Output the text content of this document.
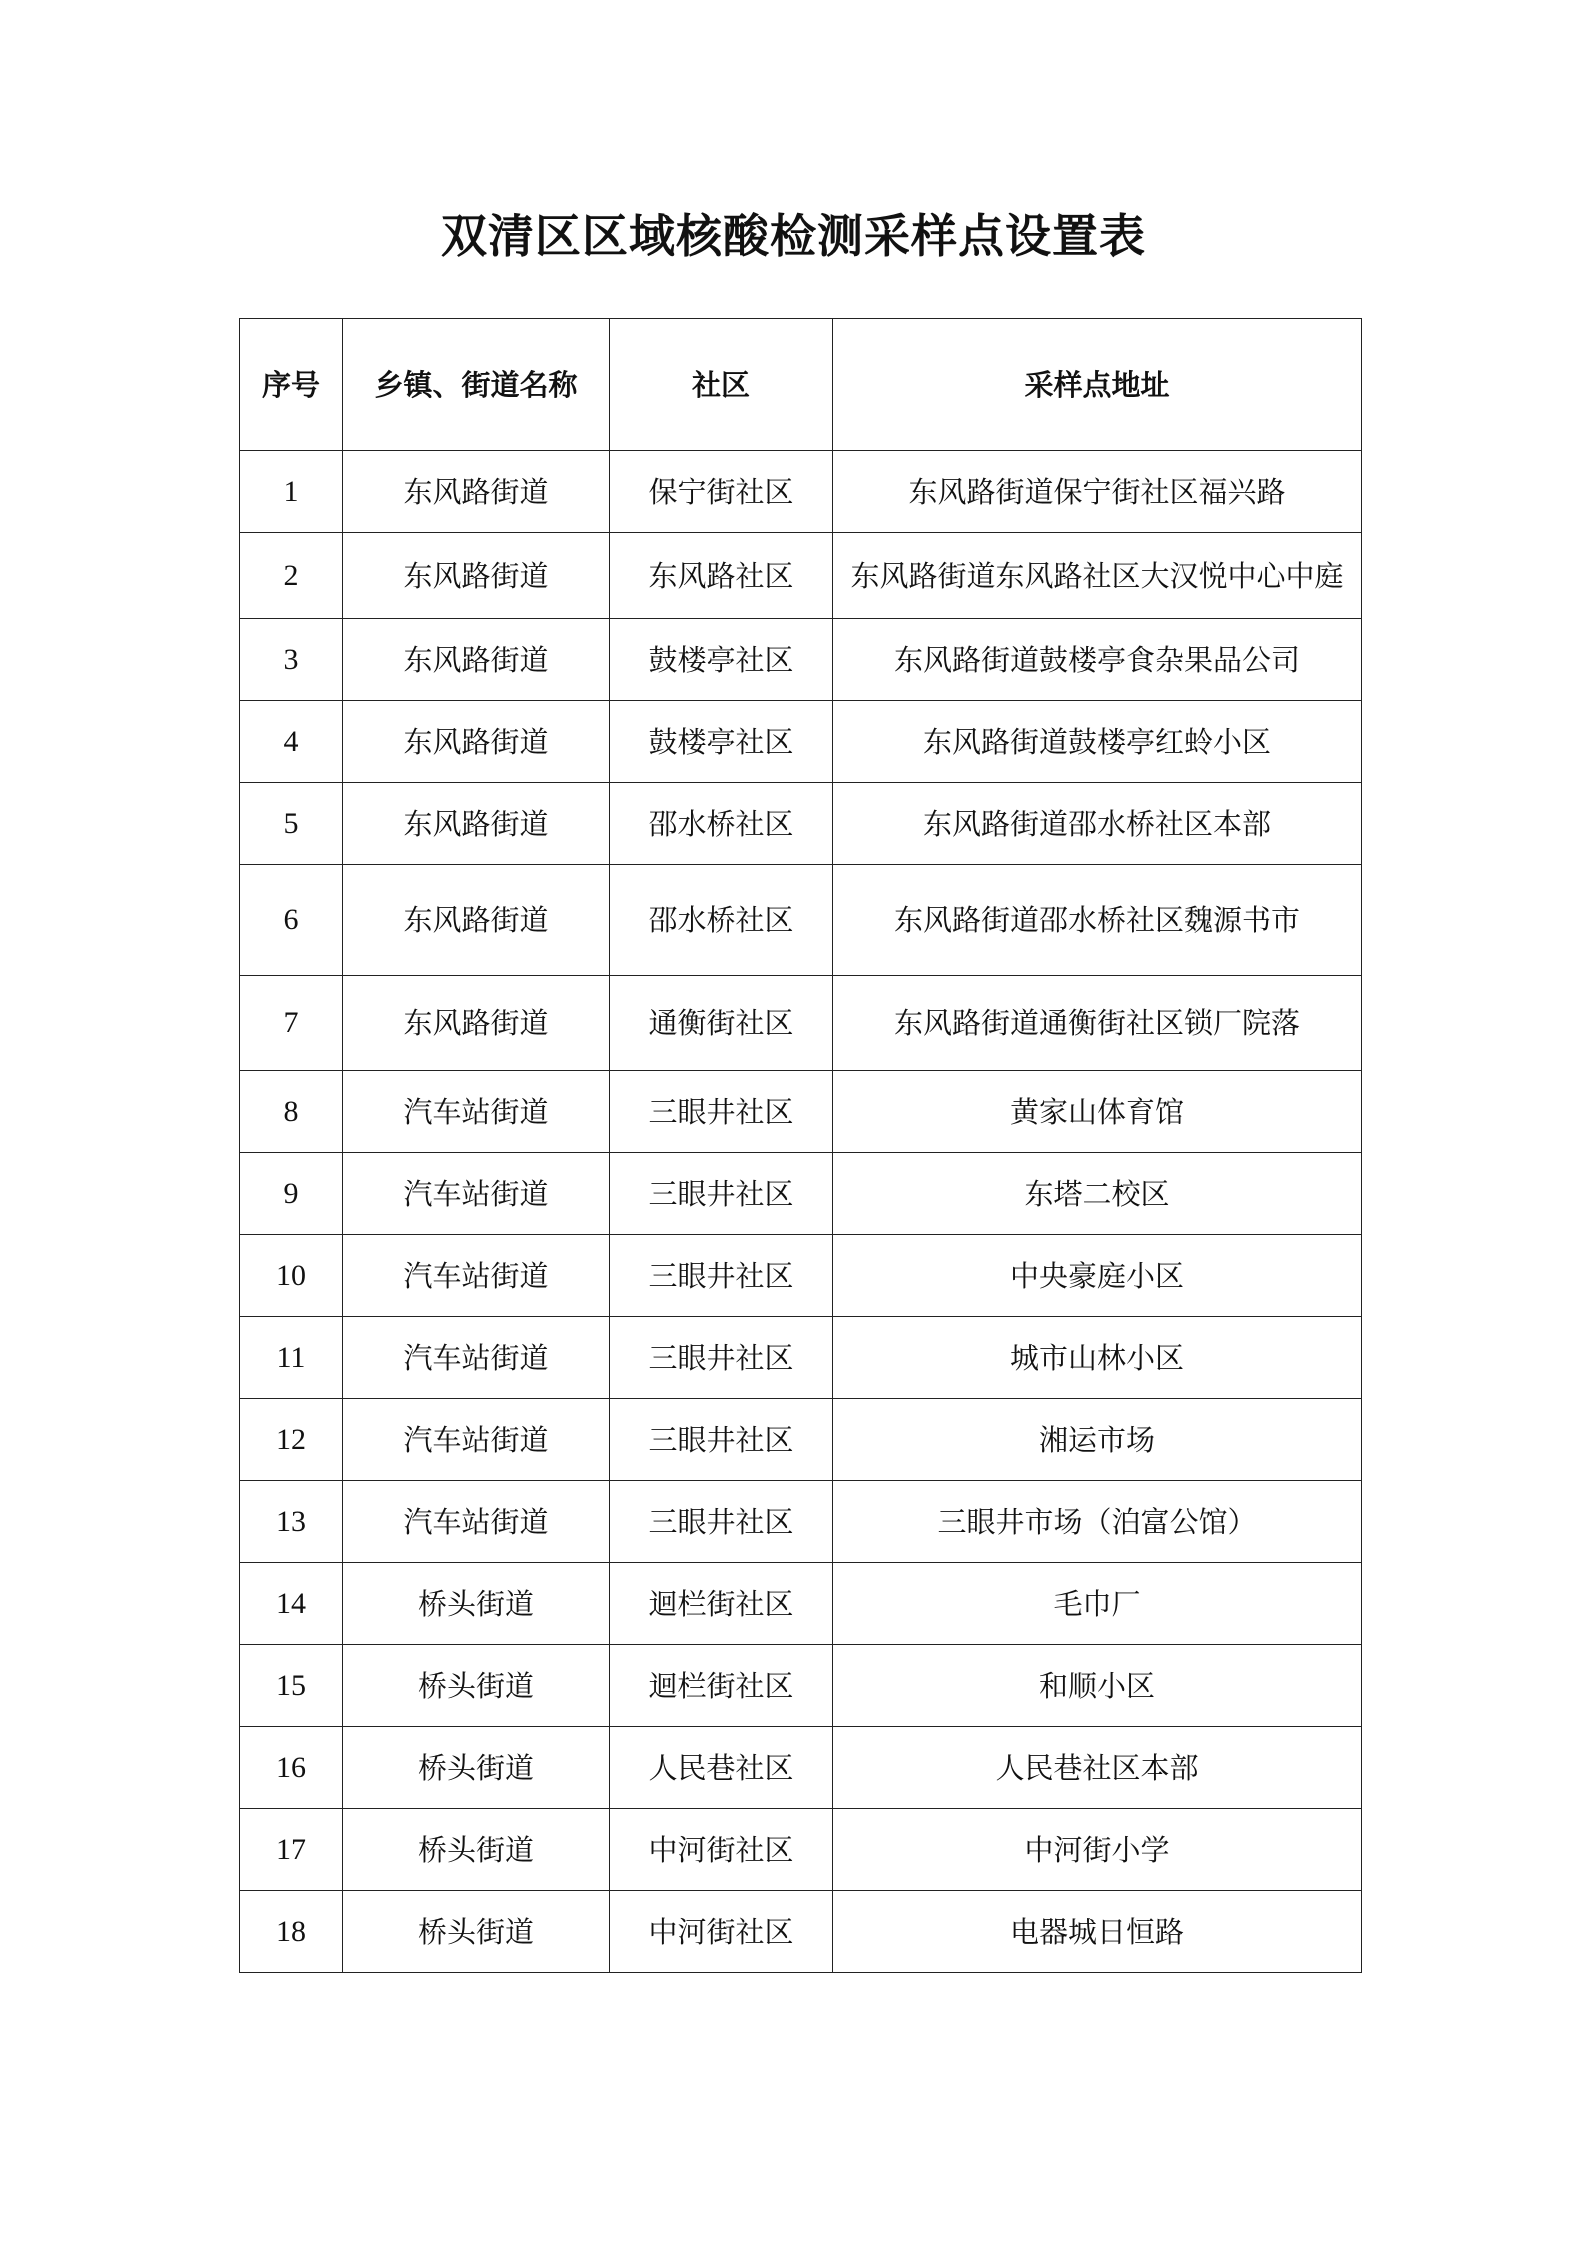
双清区区域核酸检测采样点设置表
序号	乡镇、街道名称	社区	采样点地址
1	东风路街道	保宁街社区	东风路街道保宁街社区福兴路
2	东风路街道	东风路社区	东风路街道东风路社区大汉悦中心中庭
3	东风路街道	鼓楼亭社区	东风路街道鼓楼亭食杂果品公司
4	东风路街道	鼓楼亭社区	东风路街道鼓楼亭红蛉小区
5	东风路街道	邵水桥社区	东风路街道邵水桥社区本部
6	东风路街道	邵水桥社区	东风路街道邵水桥社区魏源书市
7	东风路街道	通衡街社区	东风路街道通衡街社区锁厂院落
8	汽车站街道	三眼井社区	黄家山体育馆
9	汽车站街道	三眼井社区	东塔二校区
10	汽车站街道	三眼井社区	中央豪庭小区
11	汽车站街道	三眼井社区	城市山林小区
12	汽车站街道	三眼井社区	湘运市场
13	汽车站街道	三眼井社区	三眼井市场（泊富公馆）
14	桥头街道	迴栏街社区	毛巾厂
15	桥头街道	迴栏街社区	和顺小区
16	桥头街道	人民巷社区	人民巷社区本部
17	桥头街道	中河街社区	中河街小学
18	桥头街道	中河街社区	电器城日恒路
